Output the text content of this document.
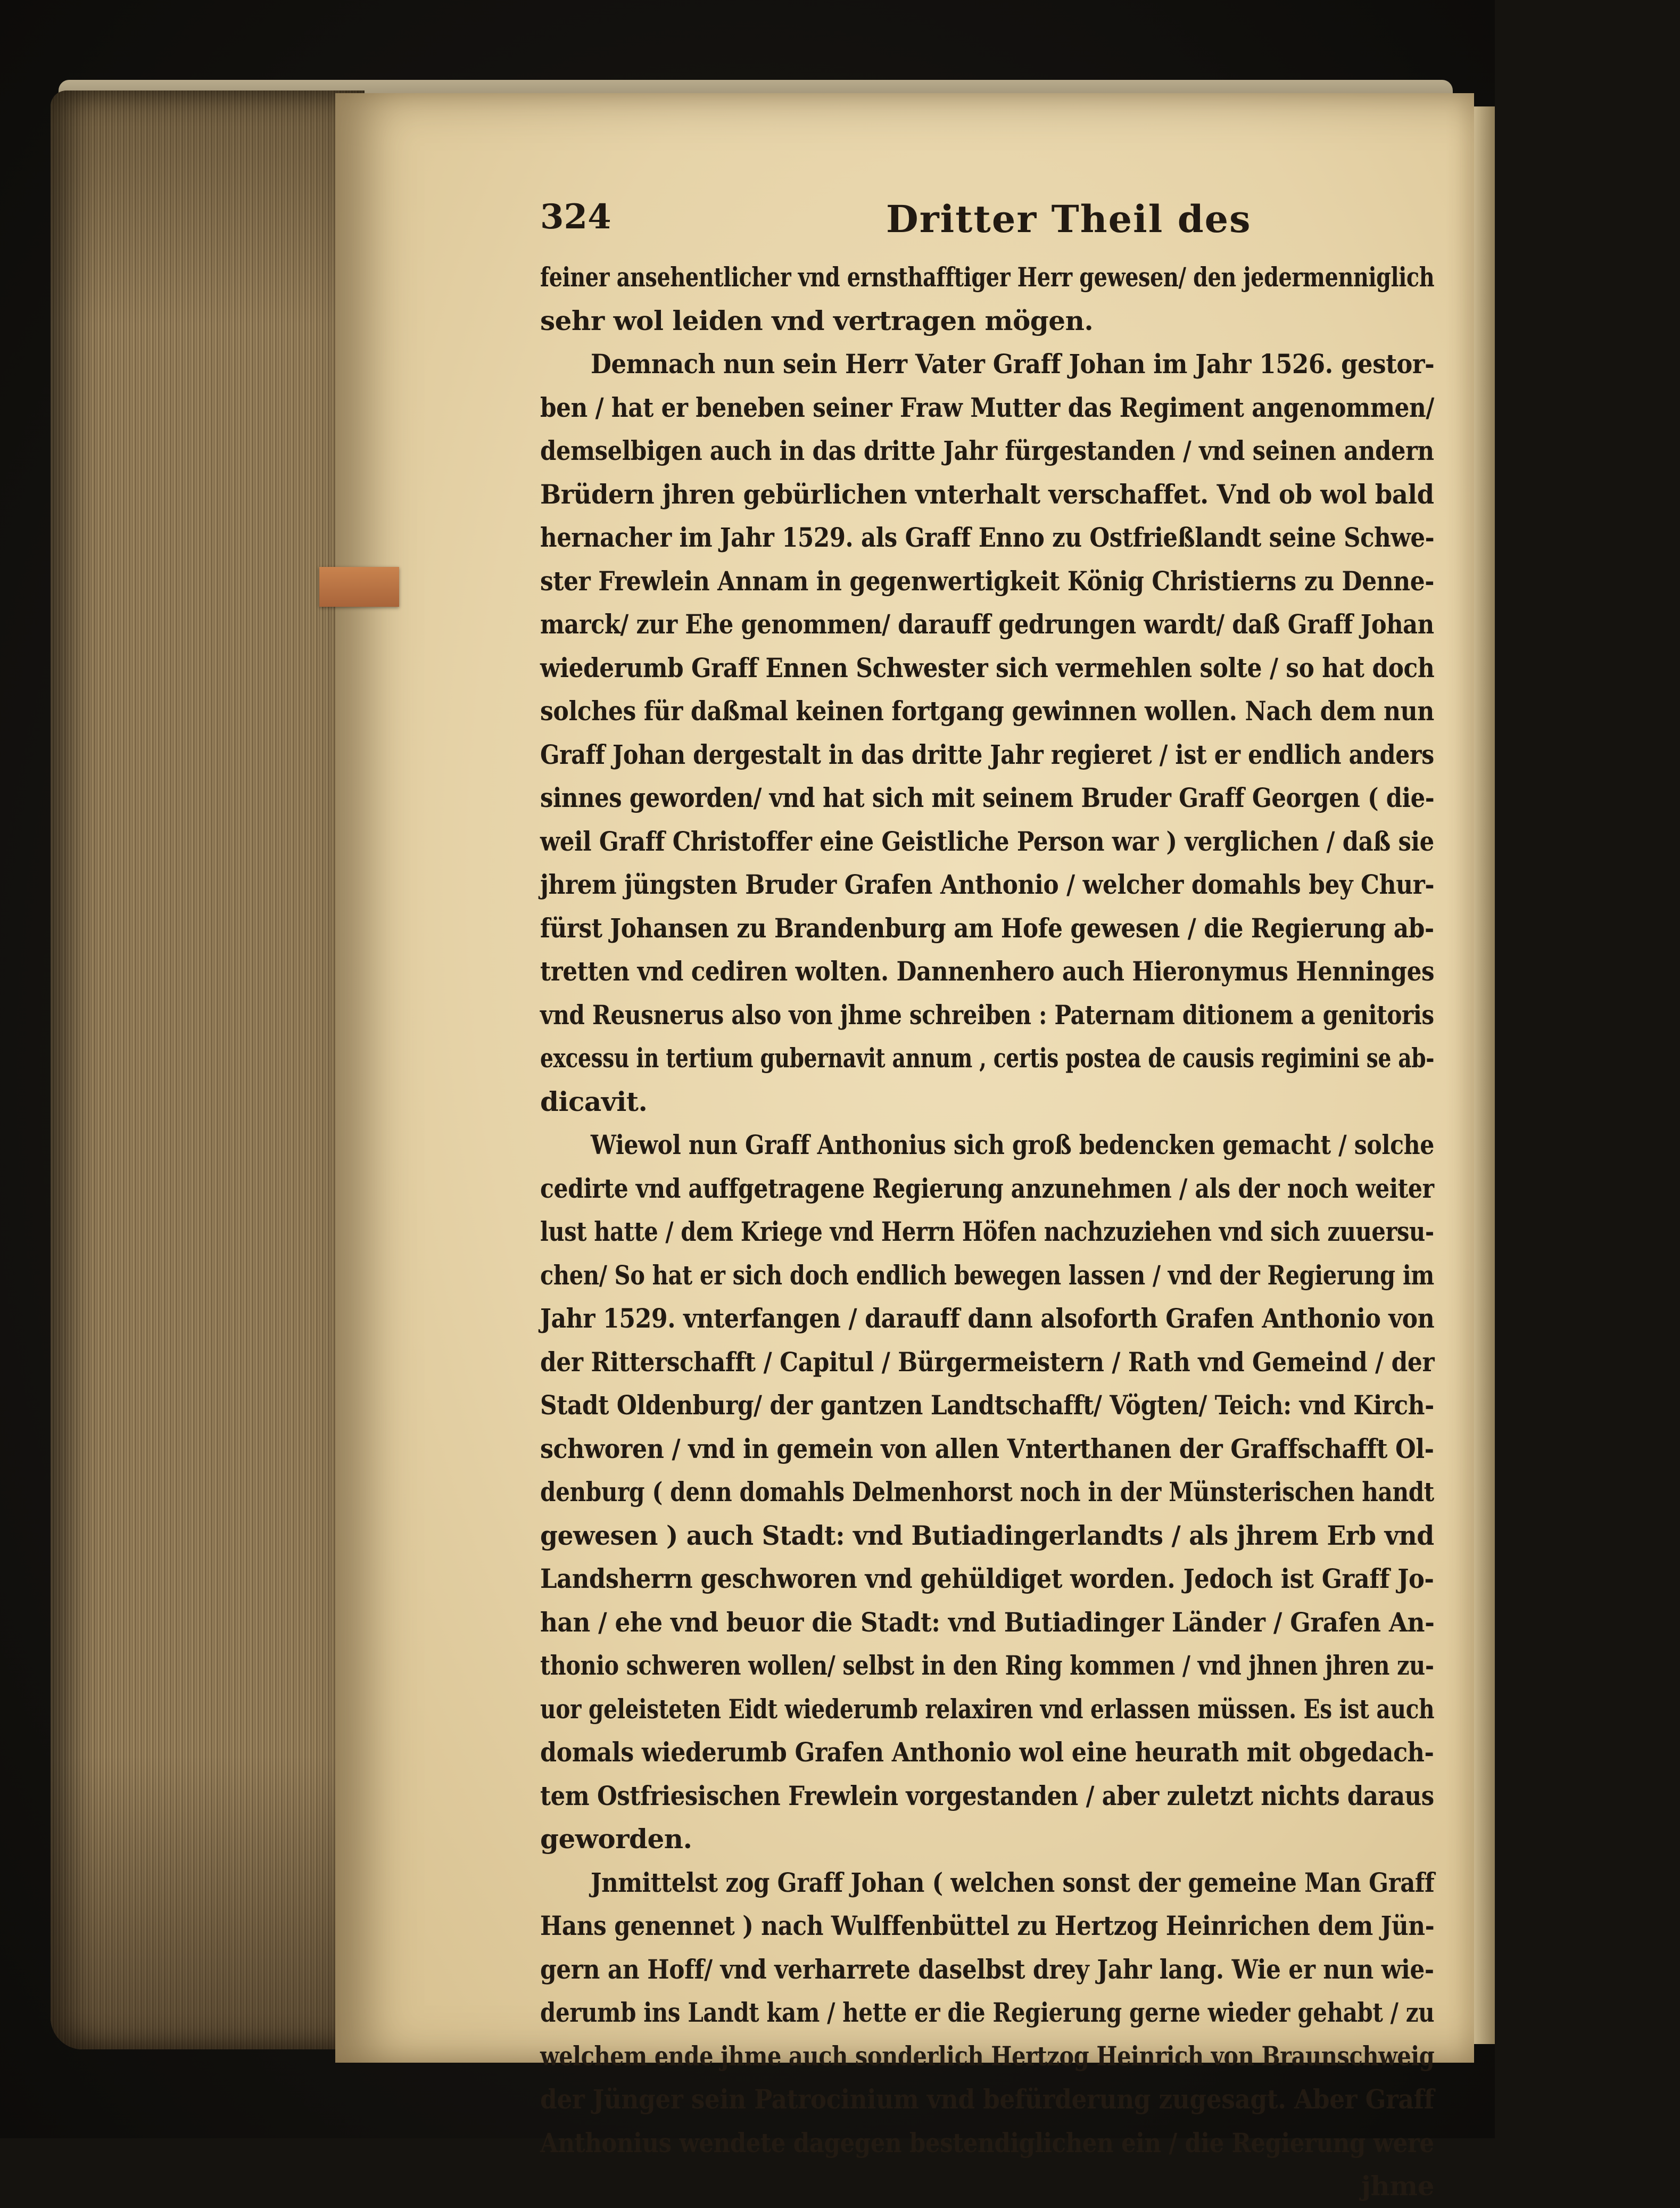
324	Dritter Theil des
feiner ansehentlicher vnd ernsthafftiger Herr gewesen/ den jedermenniglich
sehr wol leiden vnd vertragen mögen.
Demnach nun sein Herr Vater Graff Johan im Jahr 1526. gestor-
ben / hat er beneben seiner Fraw Mutter das Regiment angenommen/
demselbigen auch in das dritte Jahr fürgestanden / vnd seinen andern
Brüdern jhren gebürlichen vnterhalt verschaffet. Vnd ob wol bald
hernacher im Jahr 1529. als Graff Enno zu Ostfrießlandt seine Schwe-
ster Frewlein Annam in gegenwertigkeit König Christierns zu Denne-
marck/ zur Ehe genommen/ darauff gedrungen wardt/ daß Graff Johan
wiederumb Graff Ennen Schwester sich vermehlen solte / so hat doch
solches für daßmal keinen fortgang gewinnen wollen. Nach dem nun
Graff Johan dergestalt in das dritte Jahr regieret / ist er endlich anders
sinnes geworden/ vnd hat sich mit seinem Bruder Graff Georgen ( die-
weil Graff Christoffer eine Geistliche Person war ) verglichen / daß sie
jhrem jüngsten Bruder Grafen Anthonio / welcher domahls bey Chur-
fürst Johansen zu Brandenburg am Hofe gewesen / die Regierung ab-
tretten vnd cediren wolten. Dannenhero auch Hieronymus Henninges
vnd Reusnerus also von jhme schreiben : Paternam ditionem a genitoris
excessu in tertium gubernavit annum , certis postea de causis regimini se ab-
dicavit.
Wiewol nun Graff Anthonius sich groß bedencken gemacht / solche
cedirte vnd auffgetragene Regierung anzunehmen / als der noch weiter
lust hatte / dem Kriege vnd Herrn Höfen nachzuziehen vnd sich zuuersu-
chen/ So hat er sich doch endlich bewegen lassen / vnd der Regierung im
Jahr 1529. vnterfangen / darauff dann alsoforth Grafen Anthonio von
der Ritterschafft / Capitul / Bürgermeistern / Rath vnd Gemeind / der
Stadt Oldenburg/ der gantzen Landtschafft/ Vögten/ Teich: vnd Kirch-
schworen / vnd in gemein von allen Vnterthanen der Graffschafft Ol-
denburg ( denn domahls Delmenhorst noch in der Münsterischen handt
gewesen ) auch Stadt: vnd Butiadingerlandts / als jhrem Erb vnd
Landsherrn geschworen vnd gehüldiget worden. Jedoch ist Graff Jo-
han / ehe vnd beuor die Stadt: vnd Butiadinger Länder / Grafen An-
thonio schweren wollen/ selbst in den Ring kommen / vnd jhnen jhren zu-
uor geleisteten Eidt wiederumb relaxiren vnd erlassen müssen. Es ist auch
domals wiederumb Grafen Anthonio wol eine heurath mit obgedach-
tem Ostfriesischen Frewlein vorgestanden / aber zuletzt nichts daraus
geworden.
Jnmittelst zog Graff Johan ( welchen sonst der gemeine Man Graff
Hans genennet ) nach Wulffenbüttel zu Hertzog Heinrichen dem Jün-
gern an Hoff/ vnd verharrete daselbst drey Jahr lang. Wie er nun wie-
derumb ins Landt kam / hette er die Regierung gerne wieder gehabt / zu
welchem ende jhme auch sonderlich Hertzog Heinrich von Braunschweig
der Jünger sein Patrocinium vnd befürderung zugesagt. Aber Graff
Anthonius wendete dagegen bestendiglichen ein / die Regierung were
jhme
